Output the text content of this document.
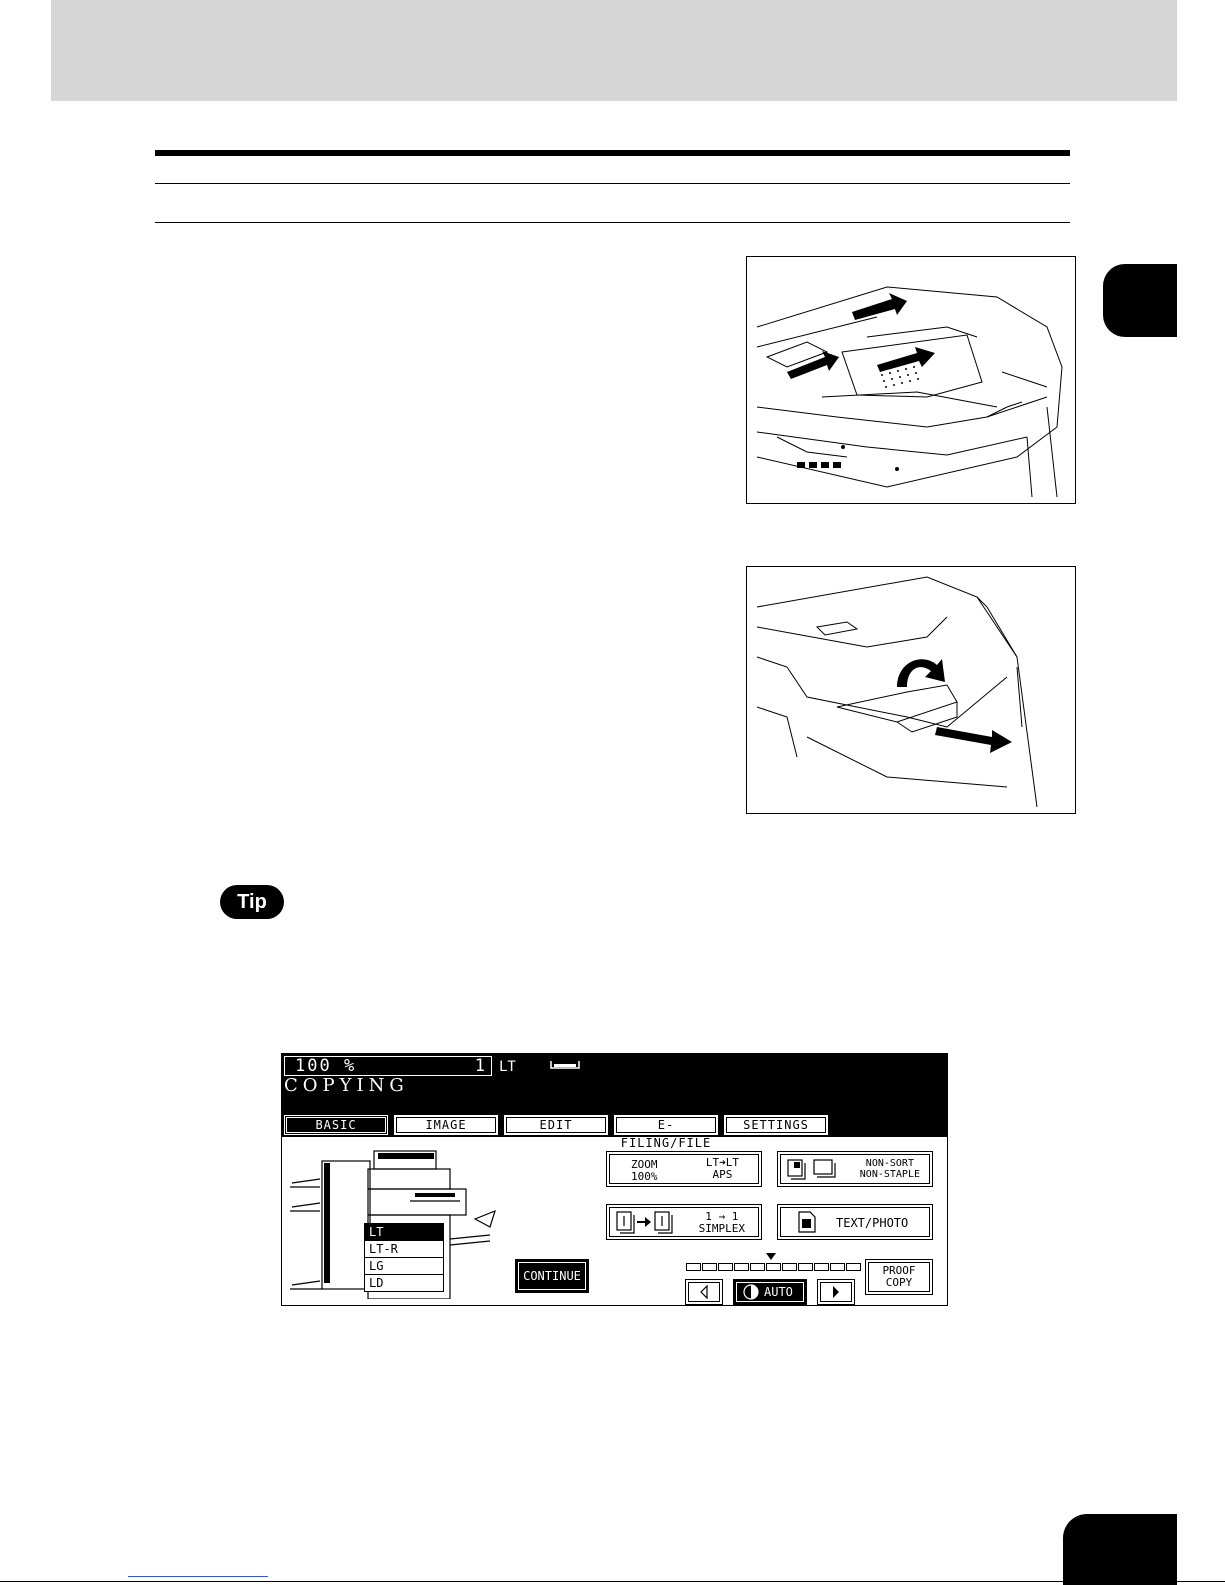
Tip
100 %	1 LT
COPYING
BASIC	IMAGE	EDIT	E-FILING/FILE
SETTINGS
LT
LT-R
LG
LD	CONTINUE
ZOOM
100%
LT➜LT
APS
NON-SORT
NON-STAPLE
1 → 1
SIMPLEX	TEXT/PHOTO
AUTO
PROOF
COPY
